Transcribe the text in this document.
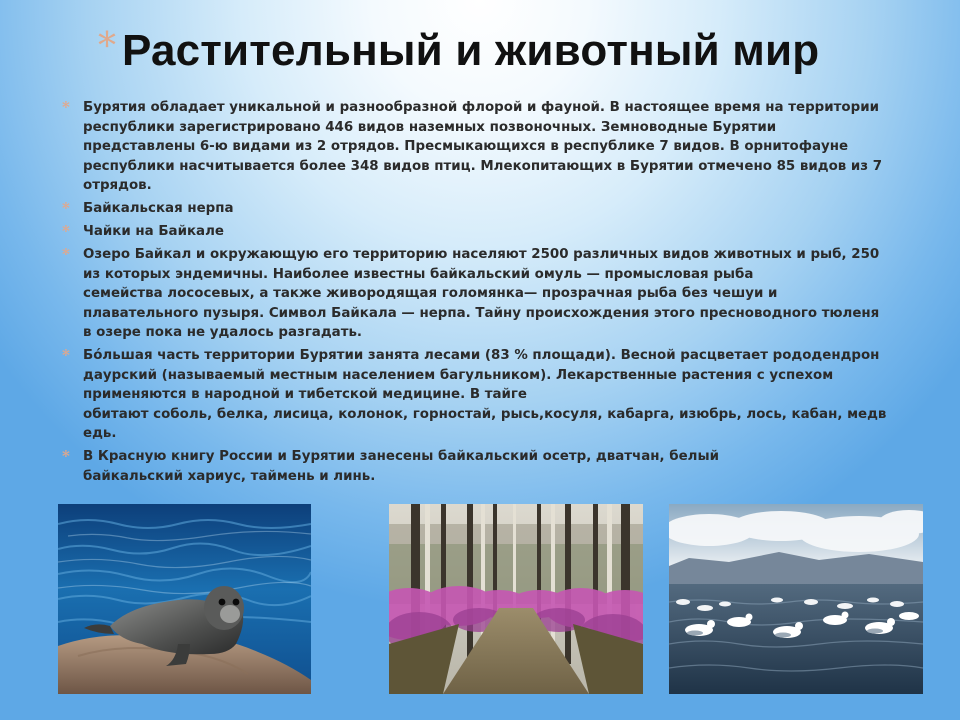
* Растительный и животный мир
* Бурятия обладает уникальной и разнообразной флорой и фауной. В настоящее время на территории
республики зарегистрировано 446 видов наземных позвоночных. Земноводные Бурятии
представлены 6-ю видами из 2 отрядов. Пресмыкающихся в республике 7 видов. В орнитофауне
республики насчитывается более 348 видов птиц. Млекопитающих в Бурятии отмечено 85 видов из 7
отрядов.
* Байкальская нерпа
* Чайки на Байкале
* Озеро Байкал и окружающую его территорию населяют 2500 различных видов животных и рыб, 250
из которых эндемичны. Наиболее известны байкальский омуль — промысловая рыба
семейства лососевых, а также живородящая голомянка— прозрачная рыба без чешуи и
плавательного пузыря. Символ Байкала — нерпа. Тайну происхождения этого пресноводного тюленя
в озере пока не удалось разгадать.
* Бо́льшая часть территории Бурятии занята лесами (83 % площади). Весной расцветает рододендрон
даурский (называемый местным населением багульником). Лекарственные растения с успехом
применяются в народной и тибетской медицине. В тайге
обитают соболь, белка, лисица, колонок, горностай, рысь,косуля, кабарга, изюбрь, лось, кабан, медв
едь.
* В Красную книгу России и Бурятии занесены байкальский осетр, дватчан, белый
байкальский хариус, таймень и линь.
